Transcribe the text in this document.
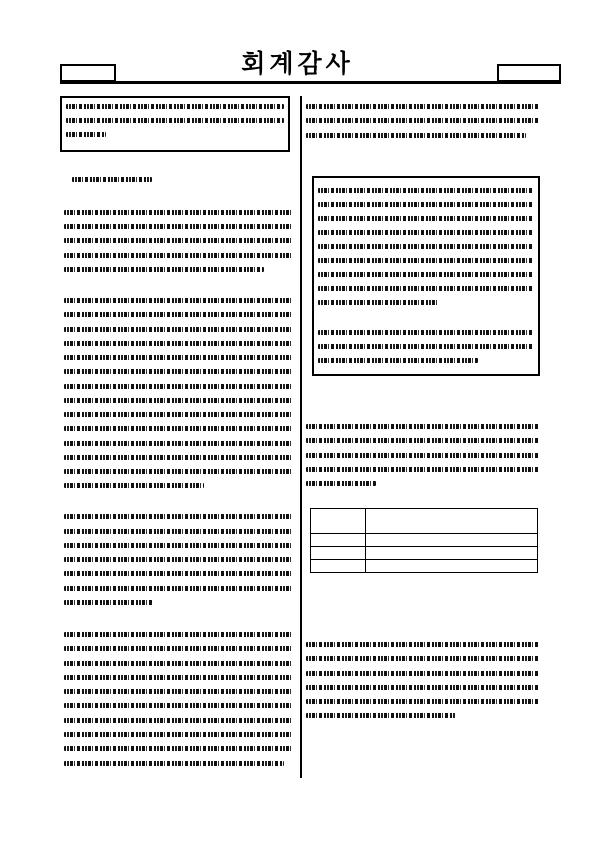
회계감사
